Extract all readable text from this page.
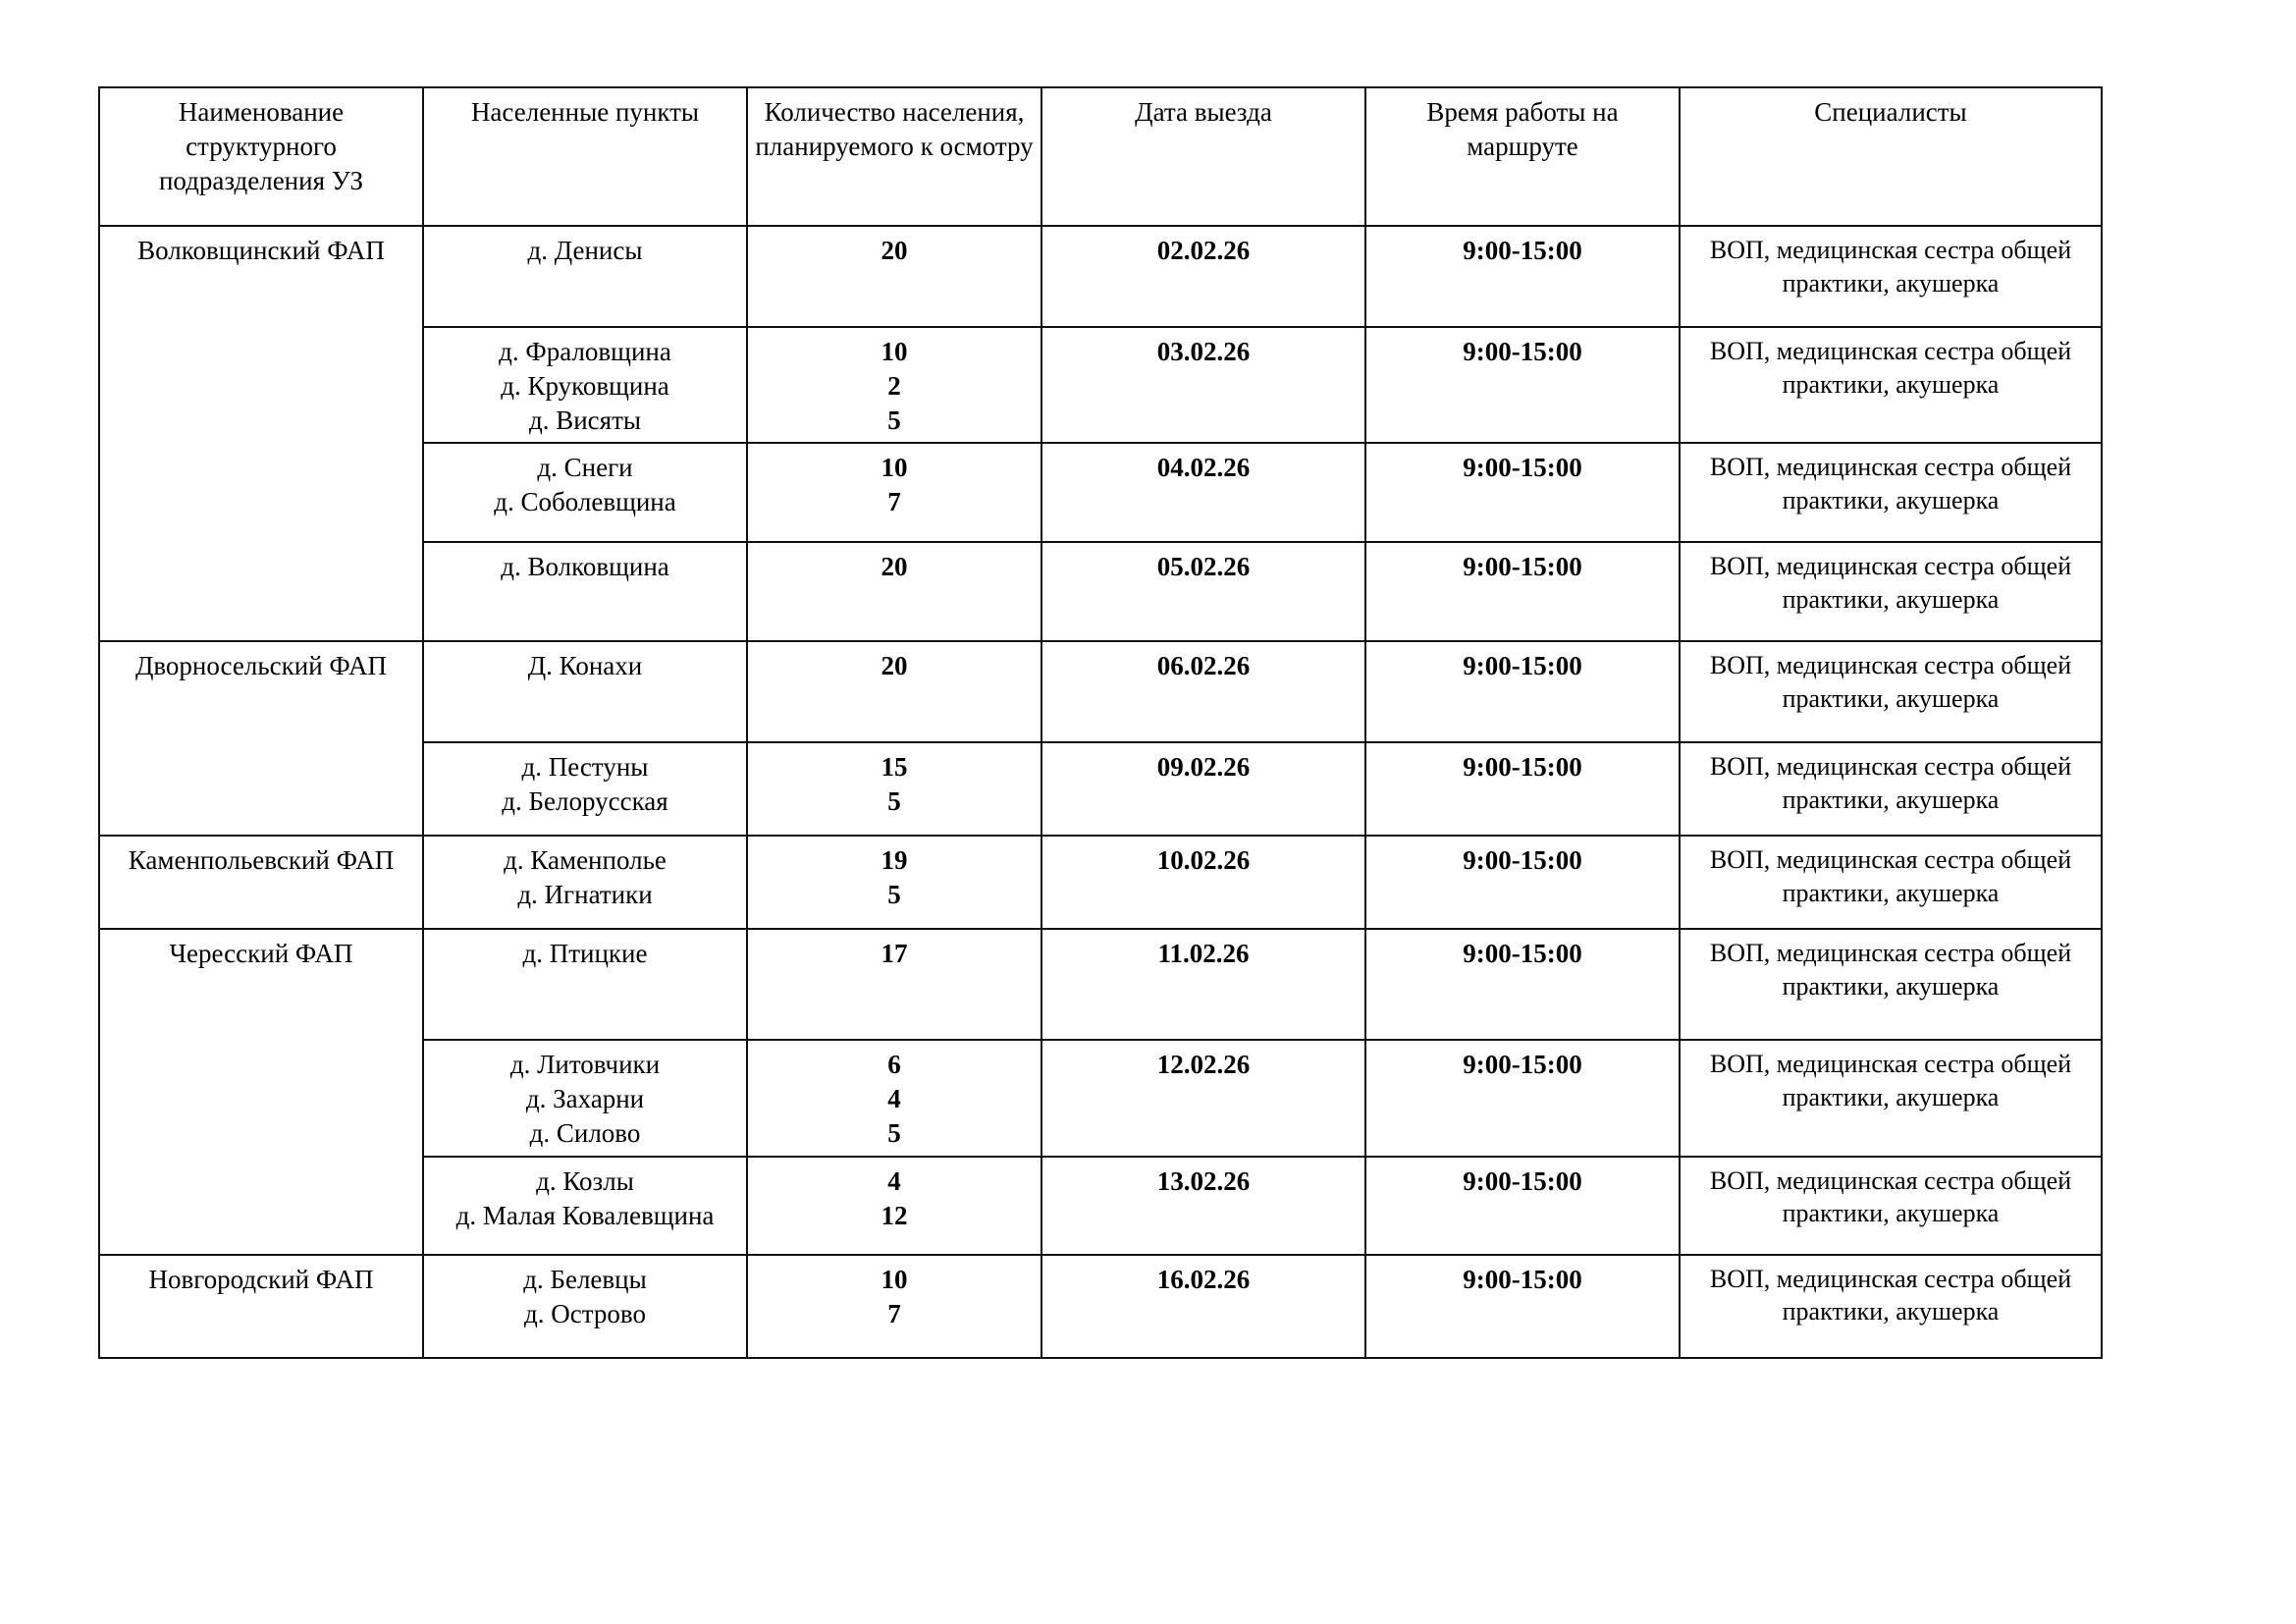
Наименование структурного подразделения УЗ	Населенные пункты	Количество населения, планируемого к осмотру	Дата выезда	Время работы на маршруте	Специалисты
Волковщинский ФАП	д. Денисы	20	02.02.26	9:00-15:00	ВОП, медицинская сестра общей практики, акушерка

	д. Фраловщина
д. Круковщина
д. Висяты	10
2
5	03.02.26	9:00-15:00	ВОП, медицинская сестра общей практики, акушерка

	д. Снеги
д. Соболевщина	10
7	04.02.26	9:00-15:00	ВОП, медицинская сестра общей практики, акушерка

	д. Волковщина	20	05.02.26	9:00-15:00	ВОП, медицинская сестра общей практики, акушерка
Дворносельский ФАП	Д. Конахи	20	06.02.26	9:00-15:00	ВОП, медицинская сестра общей практики, акушерка

	д. Пестуны
д. Белорусская	15
5	09.02.26	9:00-15:00	ВОП, медицинская сестра общей практики, акушерка
Каменпольевский ФАП	д. Каменполье
д. Игнатики	19
5	10.02.26	9:00-15:00	ВОП, медицинская сестра общей практики, акушерка
Чересский ФАП	д. Птицкие	17	11.02.26	9:00-15:00	ВОП, медицинская сестра общей практики, акушерка

	д. Литовчики
д. Захарни
д. Силово	6
4
5	12.02.26	9:00-15:00	ВОП, медицинская сестра общей практики, акушерка

	д. Козлы
д. Малая Ковалевщина	4
12	13.02.26	9:00-15:00	ВОП, медицинская сестра общей практики, акушерка
Новгородский ФАП	д. Белевцы
д. Острово	10
7	16.02.26	9:00-15:00	ВОП, медицинская сестра общей практики, акушерка
